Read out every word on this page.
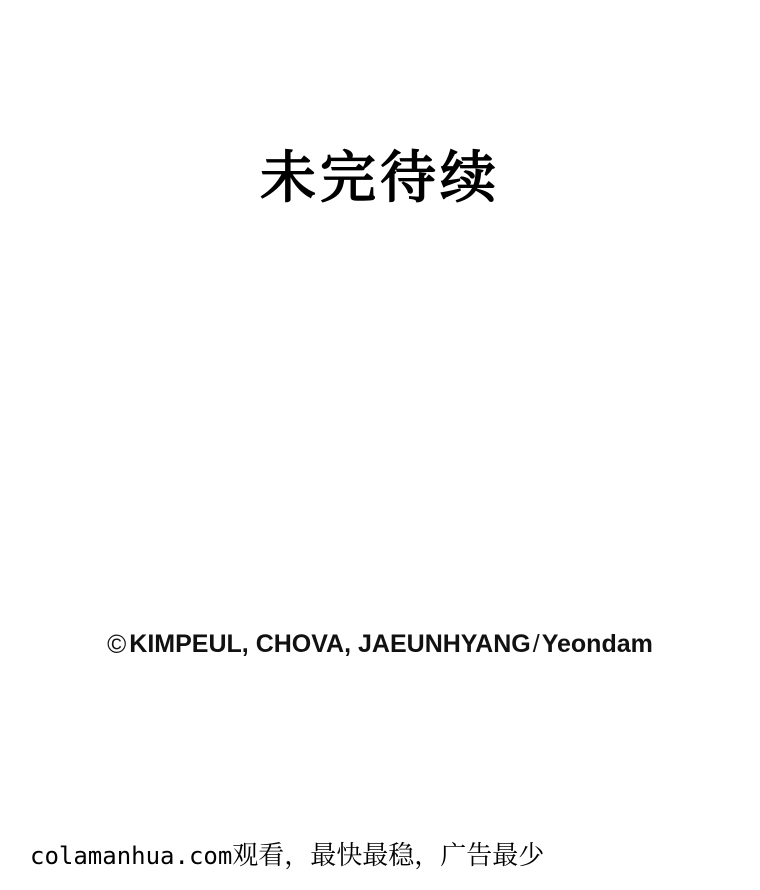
未完待续
© KIMPEUL, CHOVA, JAEUNHYANG/Yeondam
colamanhua.com观看，最快最稳，广告最少
